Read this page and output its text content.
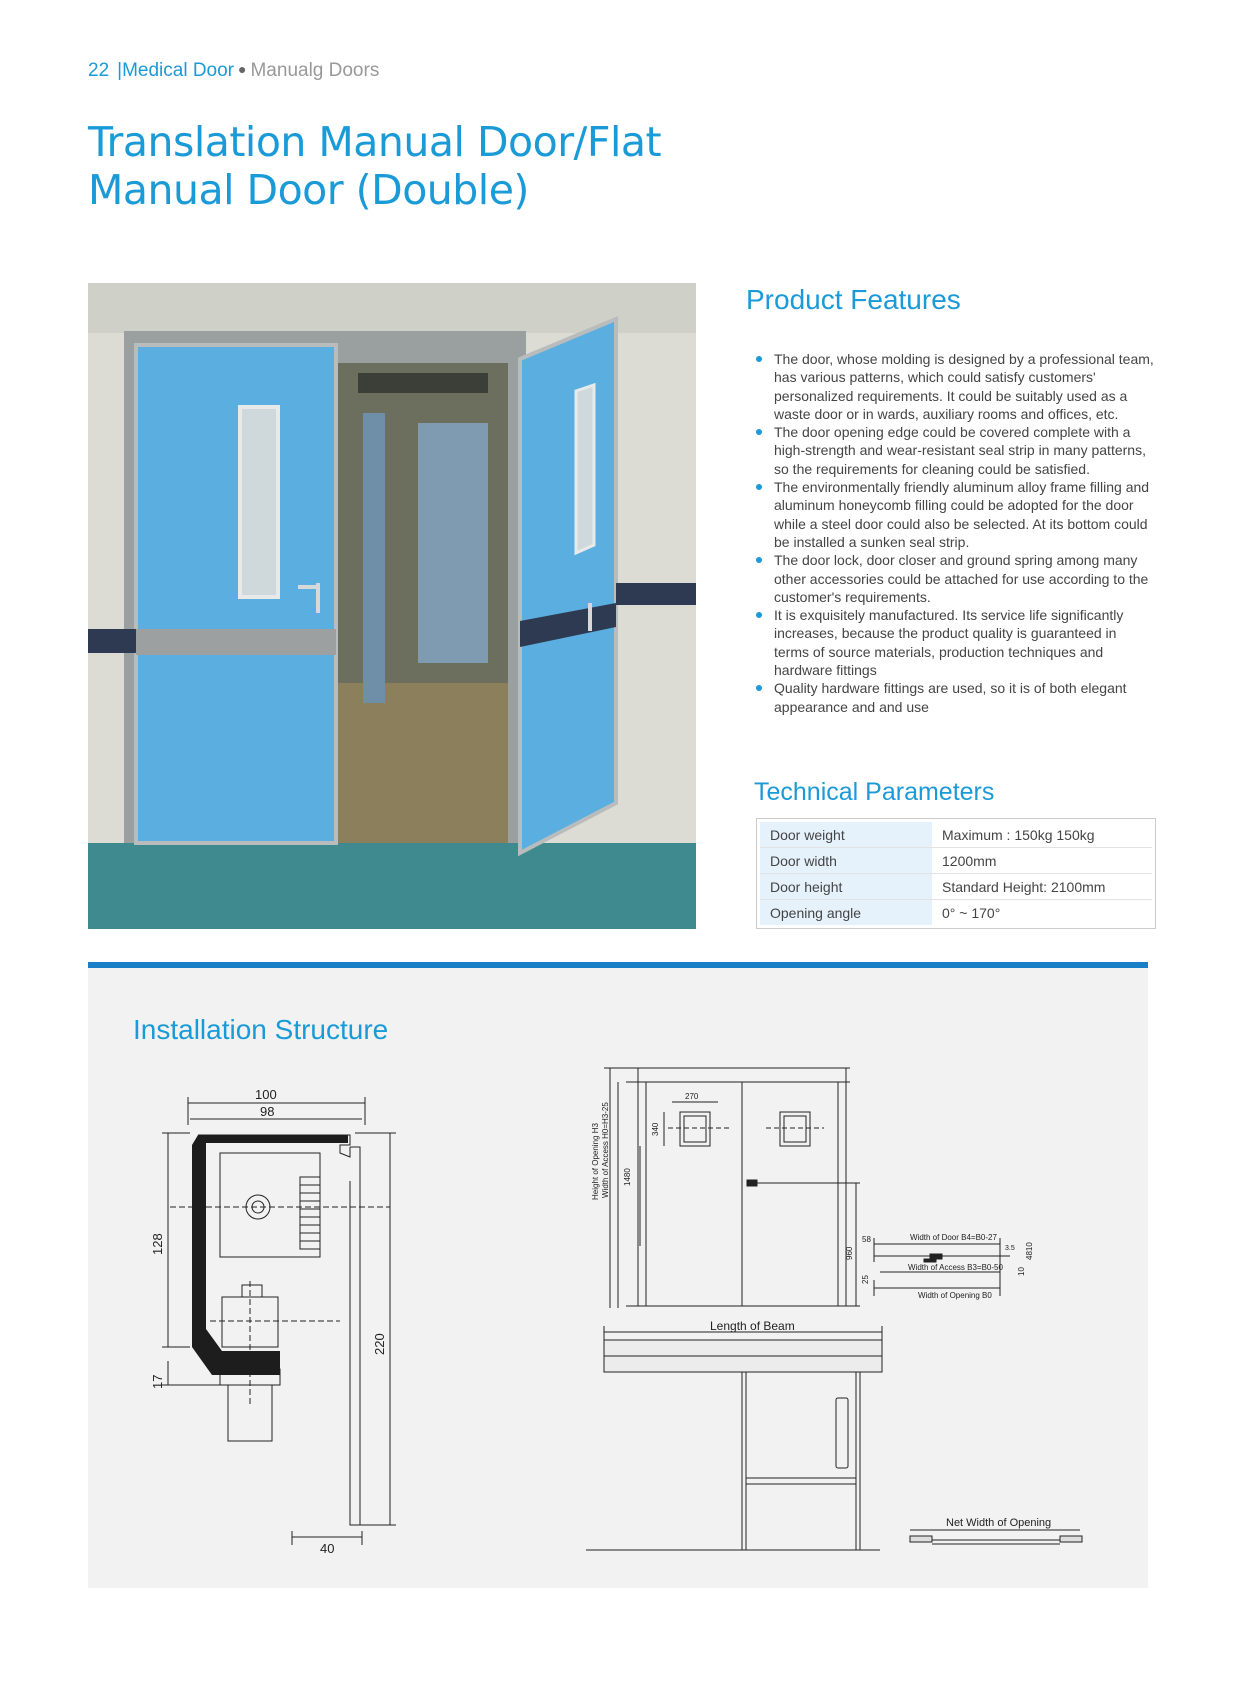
22 |Medical Door ● Manualg Doors
Translation Manual Door/Flat
Manual Door (Double)
Product Features
The door, whose molding is designed by a professional team, has various patterns, which could satisfy customers' personalized requirements. It could be suitably used as a waste door or in wards, auxiliary rooms and offices, etc.
The door opening edge could be covered complete with a high-strength and wear-resistant seal strip in many patterns, so the requirements for cleaning could be satisfied.
The environmentally friendly aluminum alloy frame filling and aluminum honeycomb filling could be adopted for the door while a steel door could also be selected. At its bottom could be installed a sunken seal strip.
The door lock, door closer and ground spring among many other accessories could be attached for use according to the customer's requirements.
It is exquisitely manufactured. Its service life significantly increases, because the product quality is guaranteed in terms of source materials, production techniques and hardware fittings
Quality hardware fittings are used, so it is of both elegant appearance and and use
Technical Parameters
Door weight	Maximum : 150kg 150kg
Door width	1200mm
Door height	Standard Height: 2100mm
Opening angle	0° ~ 170°
Installation Structure
100
98
128
17
220
40
Height of Opening H3 Width of Access H0=H3-25 1480
340
270
960
58
25
Width of Door B4=B0-27
Width of Access B3=B0-50
Width of Opening B0
3.5 4810
10
Length of Beam
Net Width of Opening
